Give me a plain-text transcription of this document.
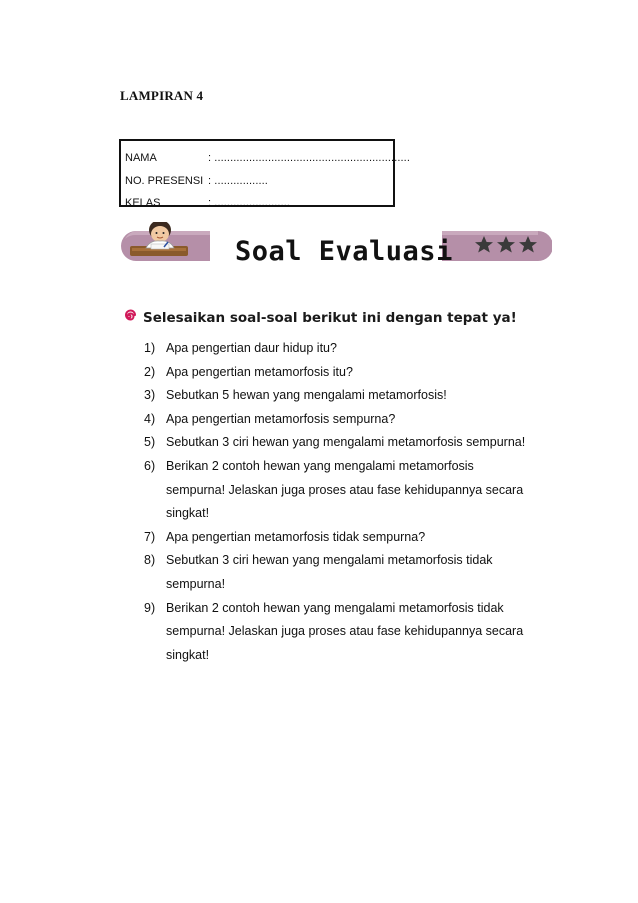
LAMPIRAN 4
NAMA	: ..............................................................
NO. PRESENSI : .................
KELAS	: ........................
Soal Evaluasi
Selesaikan soal-soal berikut ini dengan tepat ya!
1) Apa pengertian daur hidup itu?
2) Apa pengertian metamorfosis itu?
3) Sebutkan 5 hewan yang mengalami metamorfosis!
4) Apa pengertian metamorfosis sempurna?
5) Sebutkan 3 ciri hewan yang mengalami metamorfosis sempurna!
6) Berikan 2 contoh hewan yang mengalami metamorfosis sempurna! Jelaskan juga proses atau fase kehidupannya secara singkat!
7) Apa pengertian metamorfosis tidak sempurna?
8) Sebutkan 3 ciri hewan yang mengalami metamorfosis tidak sempurna!
9) Berikan 2 contoh hewan yang mengalami metamorfosis tidak sempurna! Jelaskan juga proses atau fase kehidupannya secara singkat!
